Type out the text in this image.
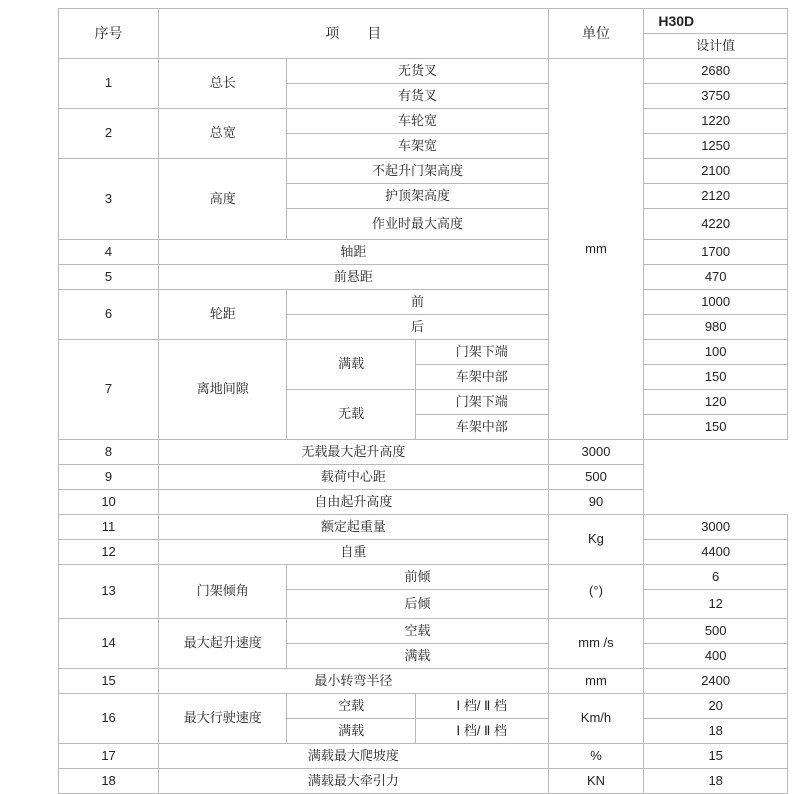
序号	项 目			单位	H30D
					设计值
1	总长	无货叉		mm	2680
		有货叉			3750
2	总宽	车轮宽			1220
		车架宽			1250
3	高度	不起升门架高度			2100
		护顶架高度			2120
		作业时最大高度			4220
4	轴距				1700
5	前悬距				470
6	轮距	前			1000
		后			980
7	离地间隙	满载	门架下端		100
			车架中部		150
		无载	门架下端		120
			车架中部		150
8	无载最大起升高度			3000	
9	载荷中心距			500	
10	自由起升高度			90	
11	额定起重量			Kg	3000
12	自重				4400
13	门架倾角	前倾		(°)	6
		后倾			12
14	最大起升速度	空载		mm /s	500
		满载			400
15	最小转弯半径			mm	2400
16	最大行驶速度	空载	Ⅰ 档/ Ⅱ 档	Km/h	20
		满载	Ⅰ 档/ Ⅱ 档		18
17	满载最大爬坡度			%	15
18	满载最大牵引力			KN	18
